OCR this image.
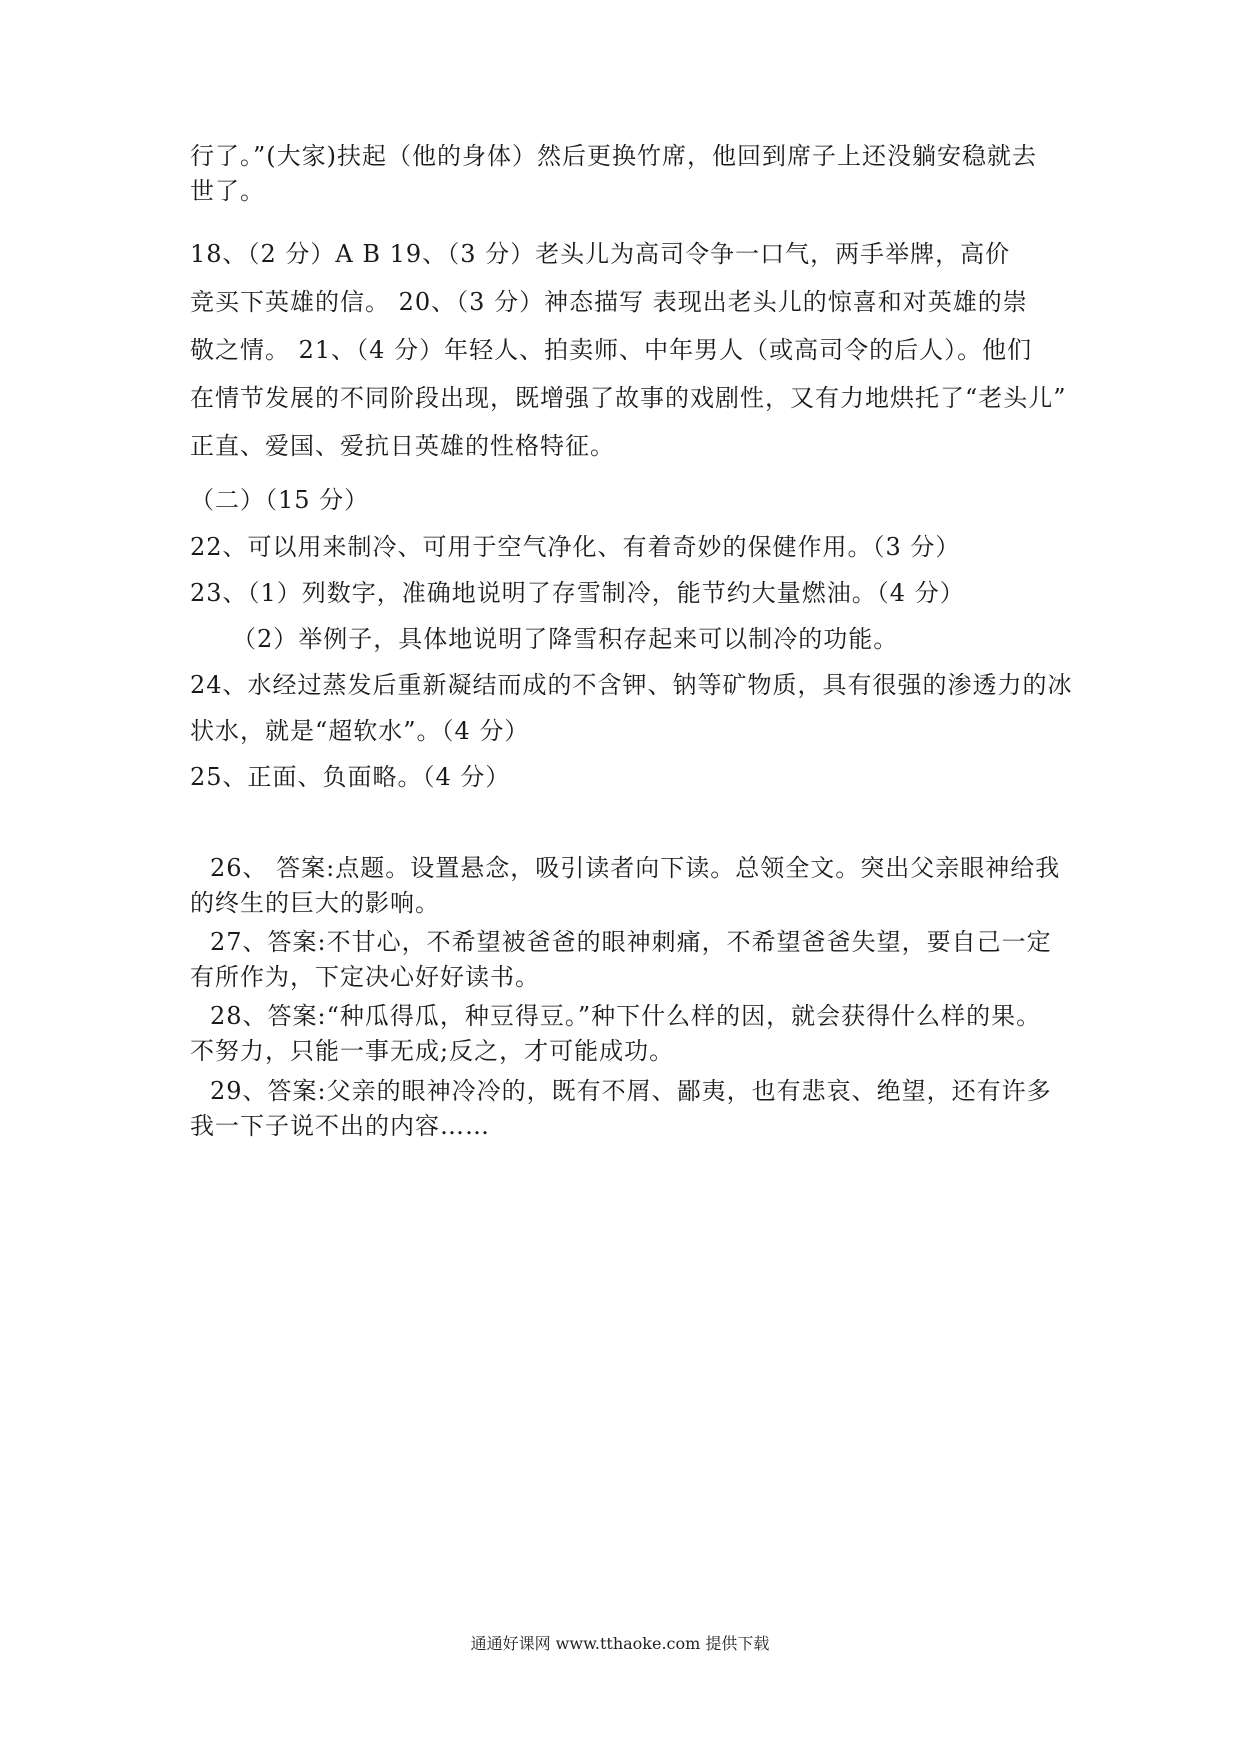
行了。”(大家)扶起（他的身体）然后更换竹席，他回到席子上还没躺安稳就去
世了。
18、（2 分）A B 19、（3 分）老头儿为高司令争一口气，两手举牌，高价
竞买下英雄的信。 20、（3 分）神态描写 表现出老头儿的惊喜和对英雄的崇
敬之情。 21、（4 分）年轻人、拍卖师、中年男人（或高司令的后人）。他们
在情节发展的不同阶段出现，既增强了故事的戏剧性，又有力地烘托了“老头儿”
正直、爱国、爱抗日英雄的性格特征。
（二）（15 分）
22、可以用来制冷、可用于空气净化、有着奇妙的保健作用。（3 分）
23、（1）列数字，准确地说明了存雪制冷，能节约大量燃油。（4 分）
（2）举例子，具体地说明了降雪积存起来可以制冷的功能。
24、水经过蒸发后重新凝结而成的不含钾、钠等矿物质，具有很强的渗透力的冰
状水，就是“超软水”。（4 分）
25、正面、负面略。（4 分）
26、 答案:点题。设置悬念，吸引读者向下读。总领全文。突出父亲眼神给我
的终生的巨大的影响。
27、答案:不甘心，不希望被爸爸的眼神刺痛，不希望爸爸失望，要自己一定
有所作为，下定决心好好读书。
28、答案:“种瓜得瓜，种豆得豆。”种下什么样的因，就会获得什么样的果。
不努力，只能一事无成;反之，才可能成功。
29、答案:父亲的眼神冷冷的，既有不屑、鄙夷，也有悲哀、绝望，还有许多
我一下子说不出的内容……
通通好课网 www.tthaoke.com 提供下载
